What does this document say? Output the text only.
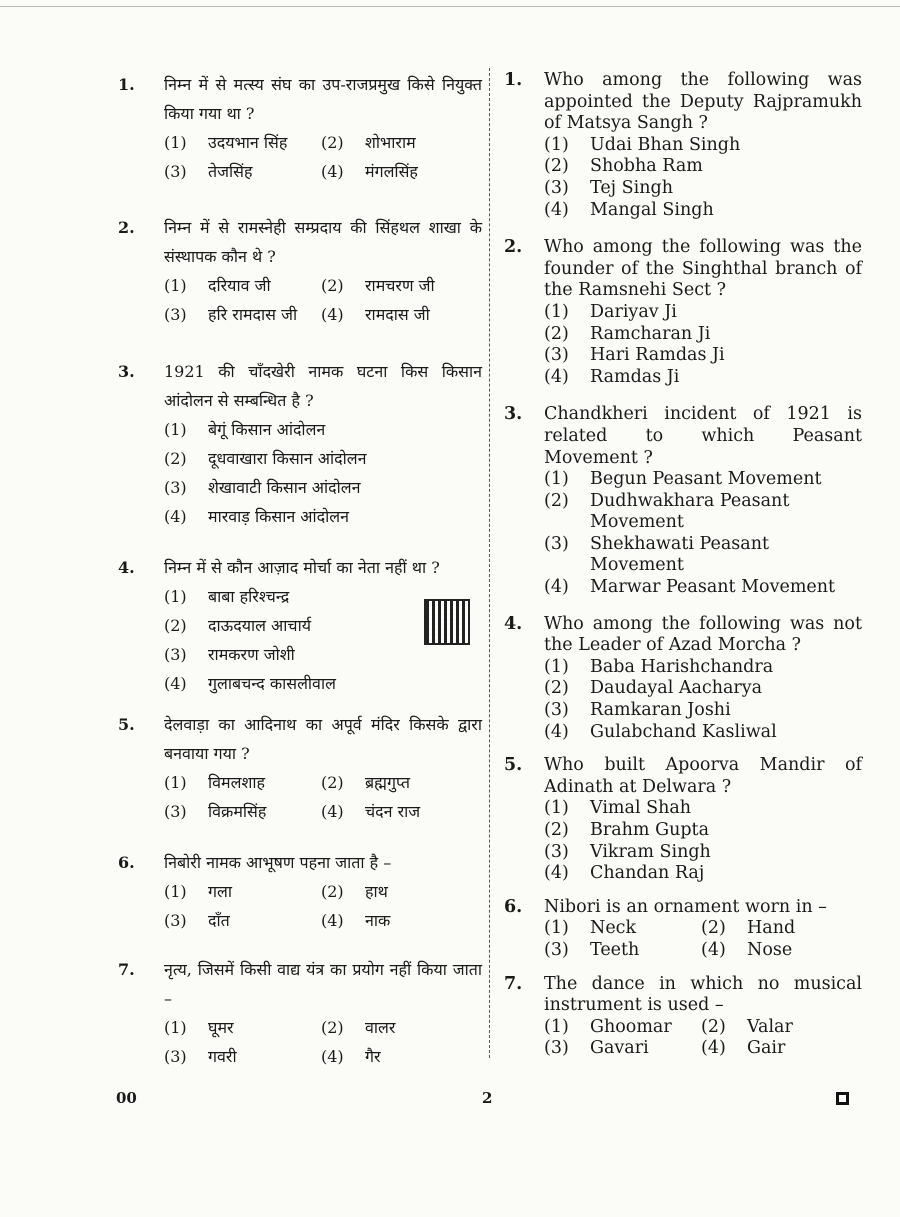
1. निम्न में से मत्स्य संघ का उप-राजप्रमुख किसे नियुक्त किया गया था ?
(1)	उदयभान सिंह (2)	शोभाराम
(3)	तेजसिंह	(4)	मंगलसिंह
2. निम्न में से रामस्नेही सम्प्रदाय की सिंहथल शाखा के संस्थापक कौन थे ?
(1)	दरियाव जी	(2)	रामचरण जी
(3)	हरि रामदास जी (4)	रामदास जी
3. 1921 की चाँदखेरी नामक घटना किस किसान आंदोलन से सम्बन्धित है ?
(1)	बेगूं किसान आंदोलन
(2)	दूधवाखारा किसान आंदोलन
(3)	शेखावाटी किसान आंदोलन
(4)	मारवाड़ किसान आंदोलन
4. निम्न में से कौन आज़ाद मोर्चा का नेता नहीं था ?
(1)	बाबा हरिश्चन्द्र
(2)	दाऊदयाल आचार्य
(3)	रामकरण जोशी
(4)	गुलाबचन्द कासलीवाल
5. देलवाड़ा का आदिनाथ का अपूर्व मंदिर किसके द्वारा बनवाया गया ?
(1)	विमलशाह	(2)	ब्रह्मगुप्त
(3)	विक्रमसिंह	(4)	चंदन राज
6. निबोरी नामक आभूषण पहना जाता है –
(1)	गला	(2)	हाथ
(3)	दाँत	(4)	नाक
7. नृत्य, जिसमें किसी वाद्य यंत्र का प्रयोग नहीं किया जाता –
(1)	घूमर	(2)	वालर
(3)	गवरी	(4)	गैर
1. Who among the following was appointed the Deputy Rajpramukh of Matsya Sangh ?
(1)	Udai Bhan Singh
(2)	Shobha Ram
(3)	Tej Singh
(4)	Mangal Singh
2. Who among the following was the founder of the Singhthal branch of the Ramsnehi Sect ?
(1)	Dariyav Ji
(2)	Ramcharan Ji
(3)	Hari Ramdas Ji
(4)	Ramdas Ji
3. Chandkheri incident of 1921 is related to which Peasant Movement ?
(1)	Begun Peasant Movement
(2)	Dudhwakhara Peasant Movement
(3)	Shekhawati Peasant Movement
(4)	Marwar Peasant Movement
4. Who among the following was not the Leader of Azad Morcha ?
(1)	Baba Harishchandra
(2)	Daudayal Aacharya
(3)	Ramkaran Joshi
(4)	Gulabchand Kasliwal
5. Who built Apoorva Mandir of Adinath at Delwara ?
(1)	Vimal Shah
(2)	Brahm Gupta
(3)	Vikram Singh
(4)	Chandan Raj
6. Nibori is an ornament worn in –
(1)	Neck	(2)	Hand
(3)	Teeth	(4)	Nose
7. The dance in which no musical instrument is used –
(1)	Ghoomar (2)	Valar
(3)	Gavari	(4)	Gair
00	2
